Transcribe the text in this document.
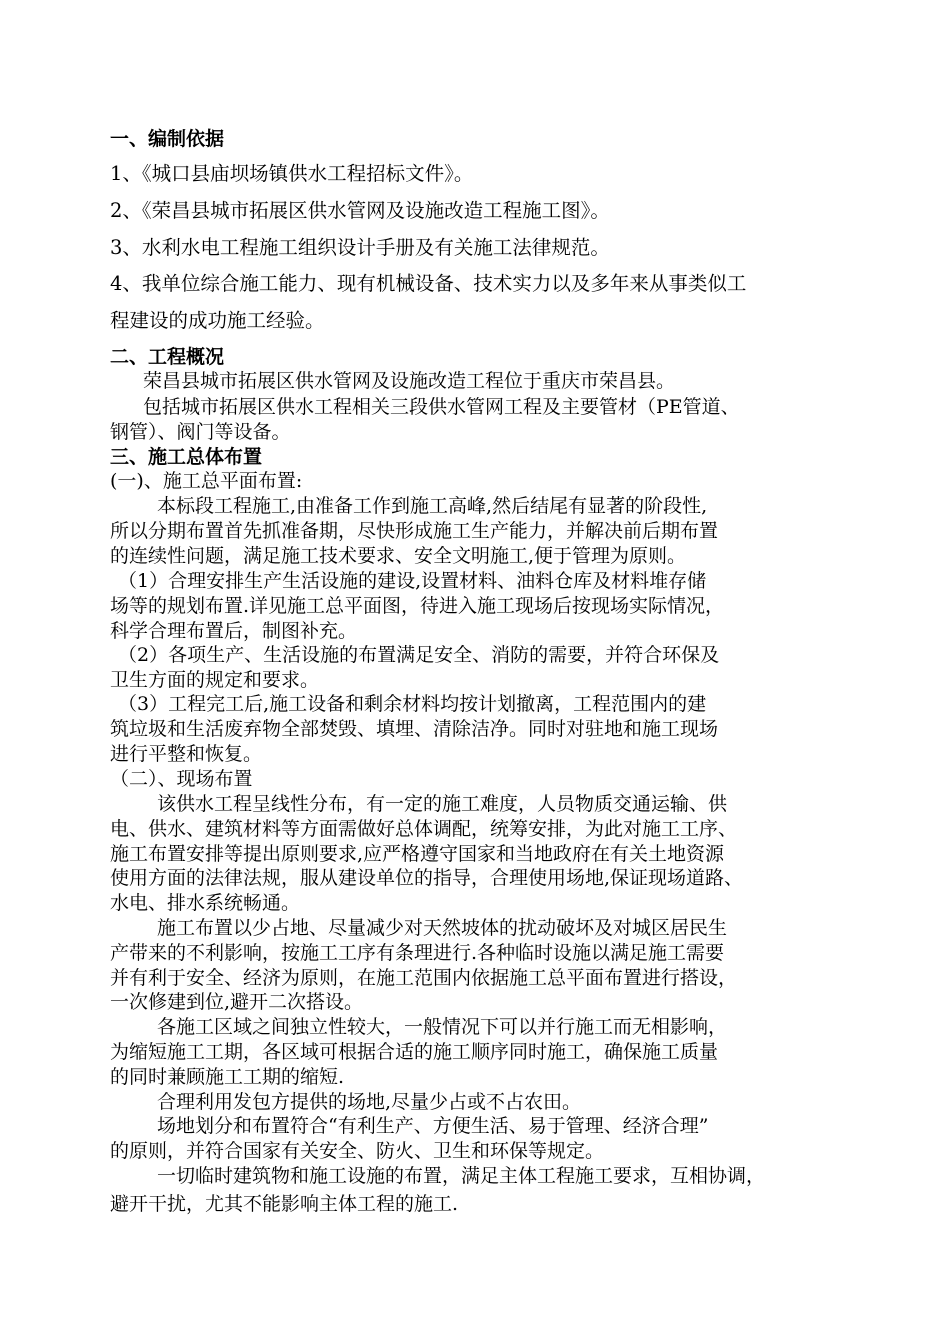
一、编制依据
1、《城口县庙坝场镇供水工程招标文件》。
2、《荣昌县城市拓展区供水管网及设施改造工程施工图》。
3、水利水电工程施工组织设计手册及有关施工法律规范。
4、我单位综合施工能力、现有机械设备、技术实力以及多年来从事类似工
程建设的成功施工经验。
二、工程概况
荣昌县城市拓展区供水管网及设施改造工程位于重庆市荣昌县。
包括城市拓展区供水工程相关三段供水管网工程及主要管材（PE管道、
钢管）、阀门等设备。
三、施工总体布置
(一)、施工总平面布置:
本标段工程施工,由准备工作到施工高峰,然后结尾有显著的阶段性,
所以分期布置首先抓准备期，尽快形成施工生产能力，并解决前后期布置
的连续性问题，满足施工技术要求、安全文明施工,便于管理为原则。
（1）合理安排生产生活设施的建设,设置材料、油料仓库及材料堆存储
场等的规划布置.详见施工总平面图，待进入施工现场后按现场实际情况，
科学合理布置后，制图补充。
（2）各项生产、生活设施的布置满足安全、消防的需要，并符合环保及
卫生方面的规定和要求。
（3）工程完工后,施工设备和剩余材料均按计划撤离，工程范围内的建
筑垃圾和生活废弃物全部焚毁、填埋、清除洁净。同时对驻地和施工现场
进行平整和恢复。
（二）、现场布置
该供水工程呈线性分布，有一定的施工难度，人员物质交通运输、供
电、供水、建筑材料等方面需做好总体调配，统筹安排，为此对施工工序、
施工布置安排等提出原则要求,应严格遵守国家和当地政府在有关土地资源
使用方面的法律法规，服从建设单位的指导，合理使用场地,保证现场道路、
水电、排水系统畅通。
施工布置以少占地、尽量减少对天然坡体的扰动破坏及对城区居民生
产带来的不利影响，按施工工序有条理进行.各种临时设施以满足施工需要
并有利于安全、经济为原则，在施工范围内依据施工总平面布置进行搭设，
一次修建到位,避开二次搭设。
各施工区域之间独立性较大，一般情况下可以并行施工而无相影响，
为缩短施工工期，各区域可根据合适的施工顺序同时施工，确保施工质量
的同时兼顾施工工期的缩短.
合理利用发包方提供的场地,尽量少占或不占农田。
场地划分和布置符合“有利生产、方便生活、易于管理、经济合理”
的原则，并符合国家有关安全、防火、卫生和环保等规定。
一切临时建筑物和施工设施的布置，满足主体工程施工要求，互相协调，
避开干扰，尤其不能影响主体工程的施工.
